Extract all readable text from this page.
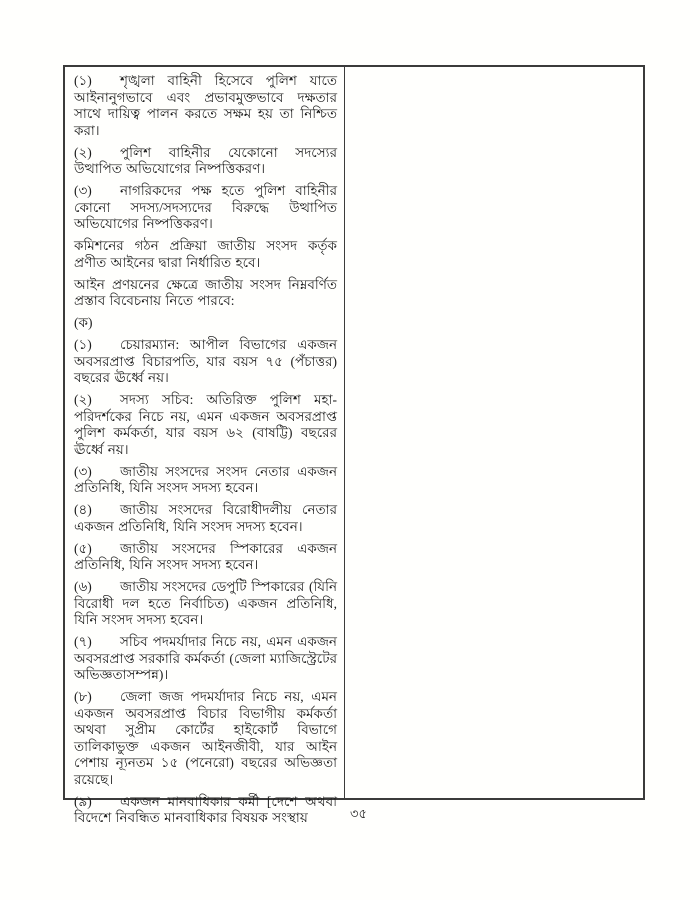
(১) শৃঙ্খলা বাহিনী হিসেবে পুলিশ যাতে আইনানুগভাবে এবং প্রভাবমুক্তভাবে দক্ষতার সাথে দায়িত্ব পালন করতে সক্ষম হয় তা নিশ্চিত করা।

(২) পুলিশ বাহিনীর যেকোনো সদস্যের উত্থাপিত অভিযোগের নিষ্পত্তিকরণ।

(৩) নাগরিকদের পক্ষ হতে পুলিশ বাহিনীর কোনো সদস্য/সদস্যদের বিরুদ্ধে উত্থাপিত অভিযোগের নিষ্পত্তিকরণ।

কমিশনের গঠন প্রক্রিয়া জাতীয় সংসদ কর্তৃক প্রণীত আইনের দ্বারা নির্ধারিত হবে।

আইন প্রণয়নের ক্ষেত্রে জাতীয় সংসদ নিম্নবর্ণিত প্রস্তাব বিবেচনায় নিতে পারবে:

(ক)

(১) চেয়ারম্যান: আপীল বিভাগের একজন অবসরপ্রাপ্ত বিচারপতি, যার বয়স ৭৫ (পঁচাত্তর) বছরের ঊর্ধ্বে নয়।

(২) সদস্য সচিব: অতিরিক্ত পুলিশ মহা-পরিদর্শকের নিচে নয়, এমন একজন অবসরপ্রাপ্ত পুলিশ কর্মকর্তা, যার বয়স ৬২ (বাষট্টি) বছরের ঊর্ধ্বে নয়।

(৩) জাতীয় সংসদের সংসদ নেতার একজন প্রতিনিধি, যিনি সংসদ সদস্য হবেন।

(৪) জাতীয় সংসদের বিরোধীদলীয় নেতার একজন প্রতিনিধি, যিনি সংসদ সদস্য হবেন।

(৫) জাতীয় সংসদের স্পিকারের একজন প্রতিনিধি, যিনি সংসদ সদস্য হবেন।

(৬) জাতীয় সংসদের ডেপুটি স্পিকারের (যিনি বিরোধী দল হতে নির্বাচিত) একজন প্রতিনিধি, যিনি সংসদ সদস্য হবেন।

(৭) সচিব পদমর্যাদার নিচে নয়, এমন একজন অবসরপ্রাপ্ত সরকারি কর্মকর্তা (জেলা ম্যাজিস্ট্রেটের অভিজ্ঞতাসম্পন্ন)।

(৮) জেলা জজ পদমর্যাদার নিচে নয়, এমন একজন অবসরপ্রাপ্ত বিচার বিভাগীয় কর্মকর্তা অথবা সুপ্রীম কোর্টের হাইকোর্ট বিভাগে তালিকাভুক্ত একজন আইনজীবী, যার আইন পেশায় ন্যূনতম ১৫ (পনেরো) বছরের অভিজ্ঞতা রয়েছে।

(৯) একজন মানবাধিকার কর্মী [দেশে অথবা বিদেশে নিবন্ধিত মানবাধিকার বিষয়ক সংস্থায়	৩৫
